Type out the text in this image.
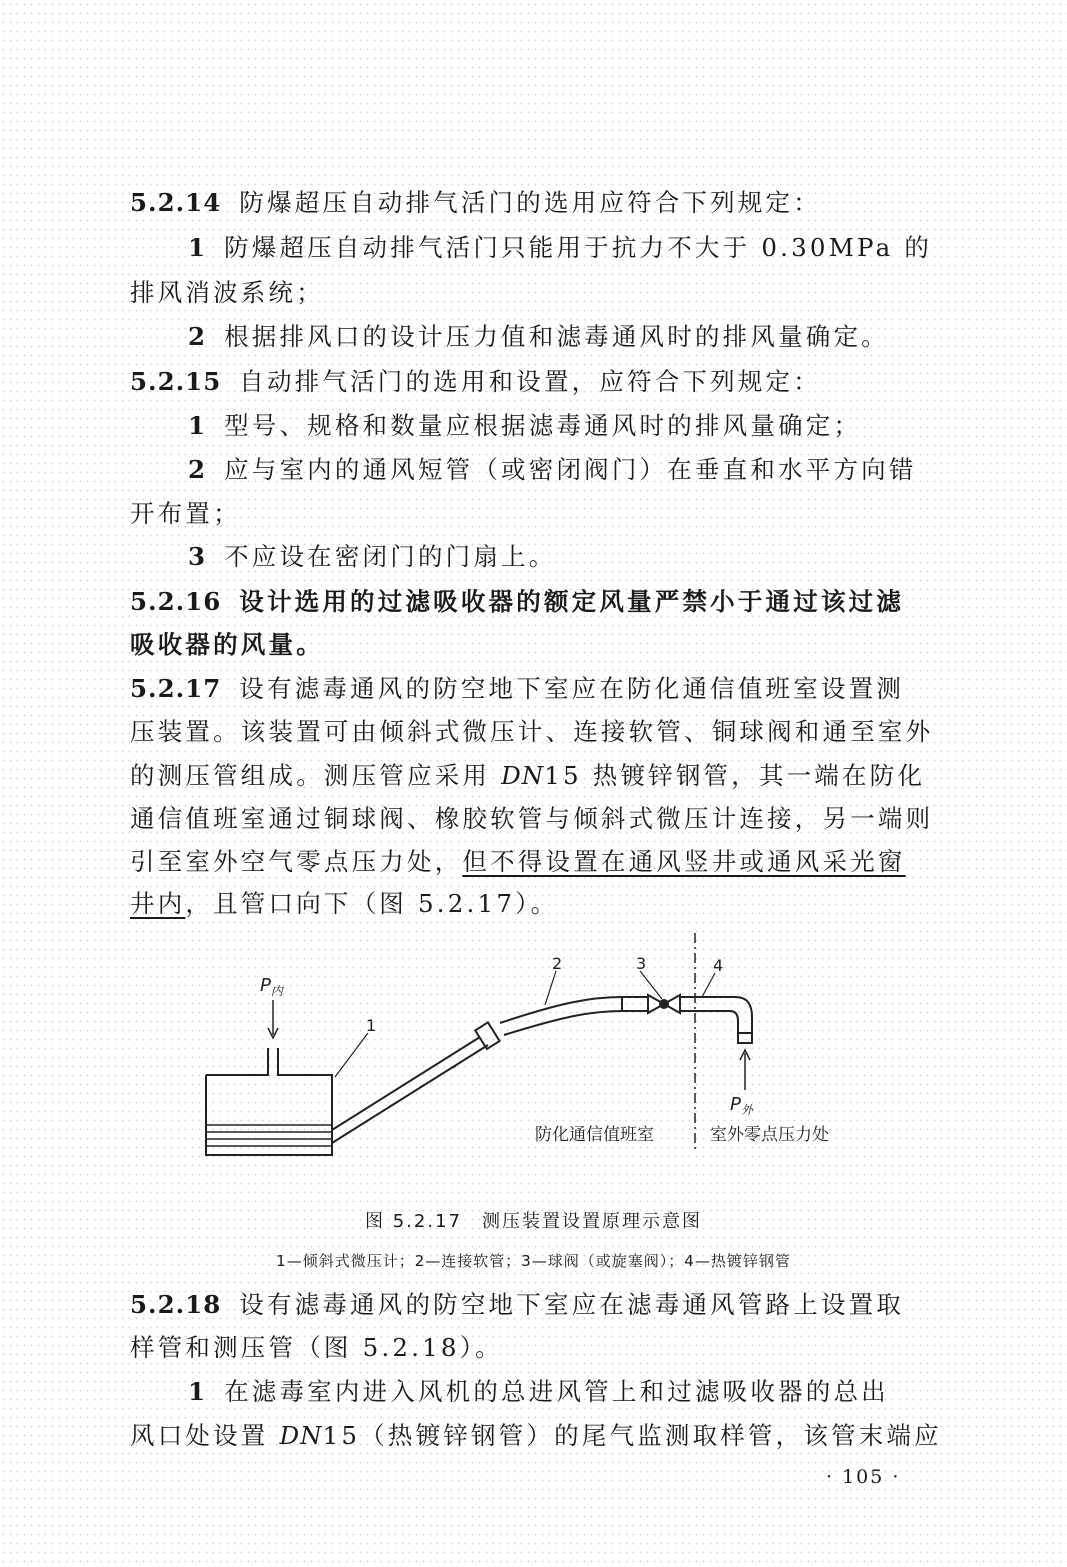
5.2.14 防爆超压自动排气活门的选用应符合下列规定：
1 防爆超压自动排气活门只能用于抗力不大于 0.30MPa 的
排风消波系统；
2 根据排风口的设计压力值和滤毒通风时的排风量确定。
5.2.15 自动排气活门的选用和设置，应符合下列规定：
1 型号、规格和数量应根据滤毒通风时的排风量确定；
2 应与室内的通风短管（或密闭阀门）在垂直和水平方向错
开布置；
3 不应设在密闭门的门扇上。
5.2.16 设计选用的过滤吸收器的额定风量严禁小于通过该过滤
吸收器的风量。
5.2.17 设有滤毒通风的防空地下室应在防化通信值班室设置测
压装置。该装置可由倾斜式微压计、连接软管、铜球阀和通至室外
的测压管组成。测压管应采用 DN15 热镀锌钢管，其一端在防化
通信值班室通过铜球阀、橡胶软管与倾斜式微压计连接，另一端则
引至室外空气零点压力处，但不得设置在通风竖井或通风采光窗
井内，且管口向下（图 5.2.17）。
$P_内$
1
2	3	4
$P_外$
防化通信值班室	室外零点压力处
图 5.2.17　测压装置设置原理示意图
1—倾斜式微压计；2—连接软管；3—球阀（或旋塞阀）；4—热镀锌钢管
5.2.18 设有滤毒通风的防空地下室应在滤毒通风管路上设置取
样管和测压管（图 5.2.18）。
1 在滤毒室内进入风机的总进风管上和过滤吸收器的总出
风口处设置 DN15（热镀锌钢管）的尾气监测取样管，该管末端应
· 105 ·
